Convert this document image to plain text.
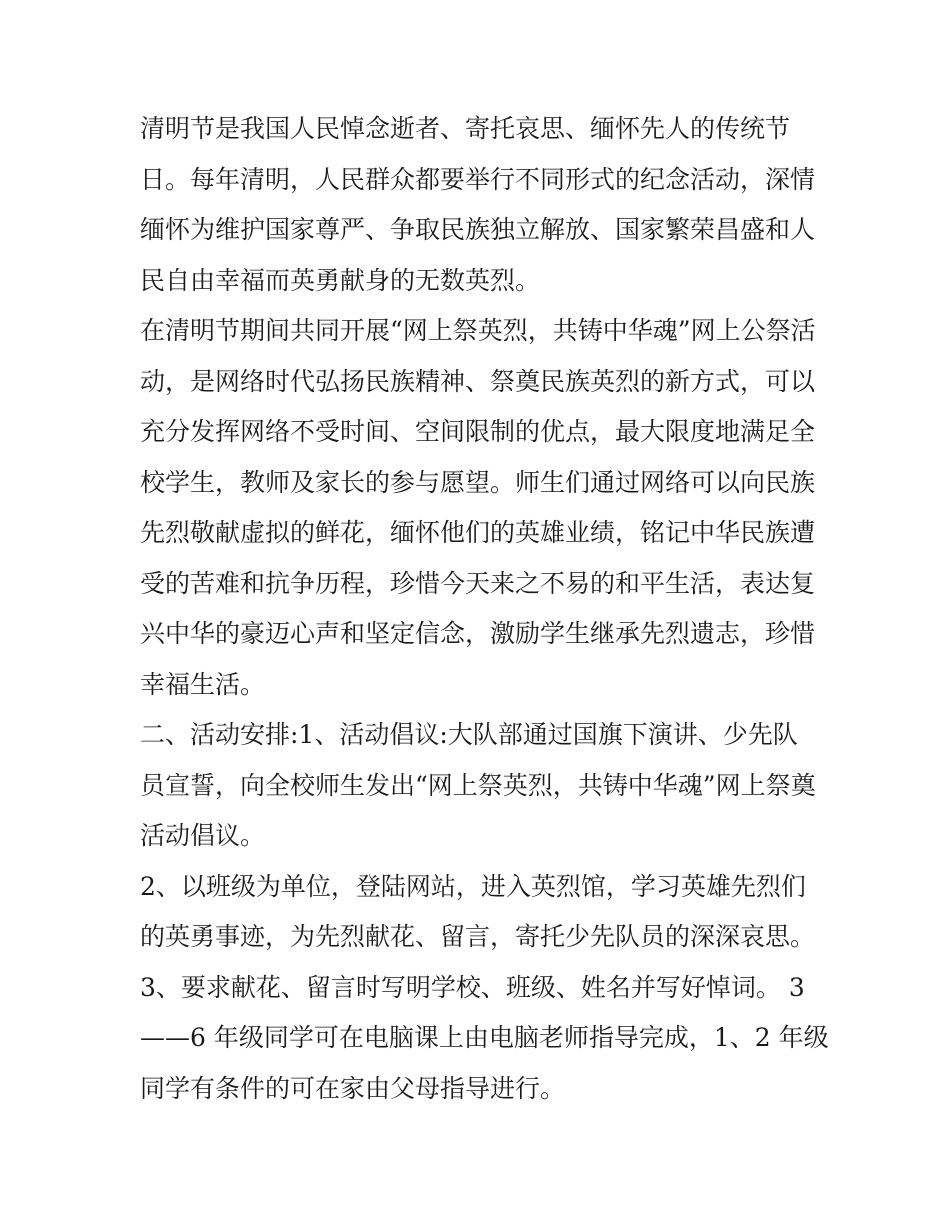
清明节是我国人民悼念逝者、寄托哀思、缅怀先人的传统节
日。每年清明，人民群众都要举行不同形式的纪念活动，深情
缅怀为维护国家尊严、争取民族独立解放、国家繁荣昌盛和人
民自由幸福而英勇献身的无数英烈。
在清明节期间共同开展“网上祭英烈，共铸中华魂”网上公祭活
动，是网络时代弘扬民族精神、祭奠民族英烈的新方式，可以
充分发挥网络不受时间、空间限制的优点，最大限度地满足全
校学生，教师及家长的参与愿望。师生们通过网络可以向民族
先烈敬献虚拟的鲜花，缅怀他们的英雄业绩，铭记中华民族遭
受的苦难和抗争历程，珍惜今天来之不易的和平生活，表达复
兴中华的豪迈心声和坚定信念，激励学生继承先烈遗志，珍惜
幸福生活。
二、活动安排:1、活动倡议:大队部通过国旗下演讲、少先队
员宣誓，向全校师生发出“网上祭英烈，共铸中华魂”网上祭奠
活动倡议。
2、以班级为单位，登陆网站，进入英烈馆，学习英雄先烈们
的英勇事迹，为先烈献花、留言，寄托少先队员的深深哀思。
3、要求献花、留言时写明学校、班级、姓名并写好悼词。 3
——6 年级同学可在电脑课上由电脑老师指导完成，1、2 年级
同学有条件的可在家由父母指导进行。
